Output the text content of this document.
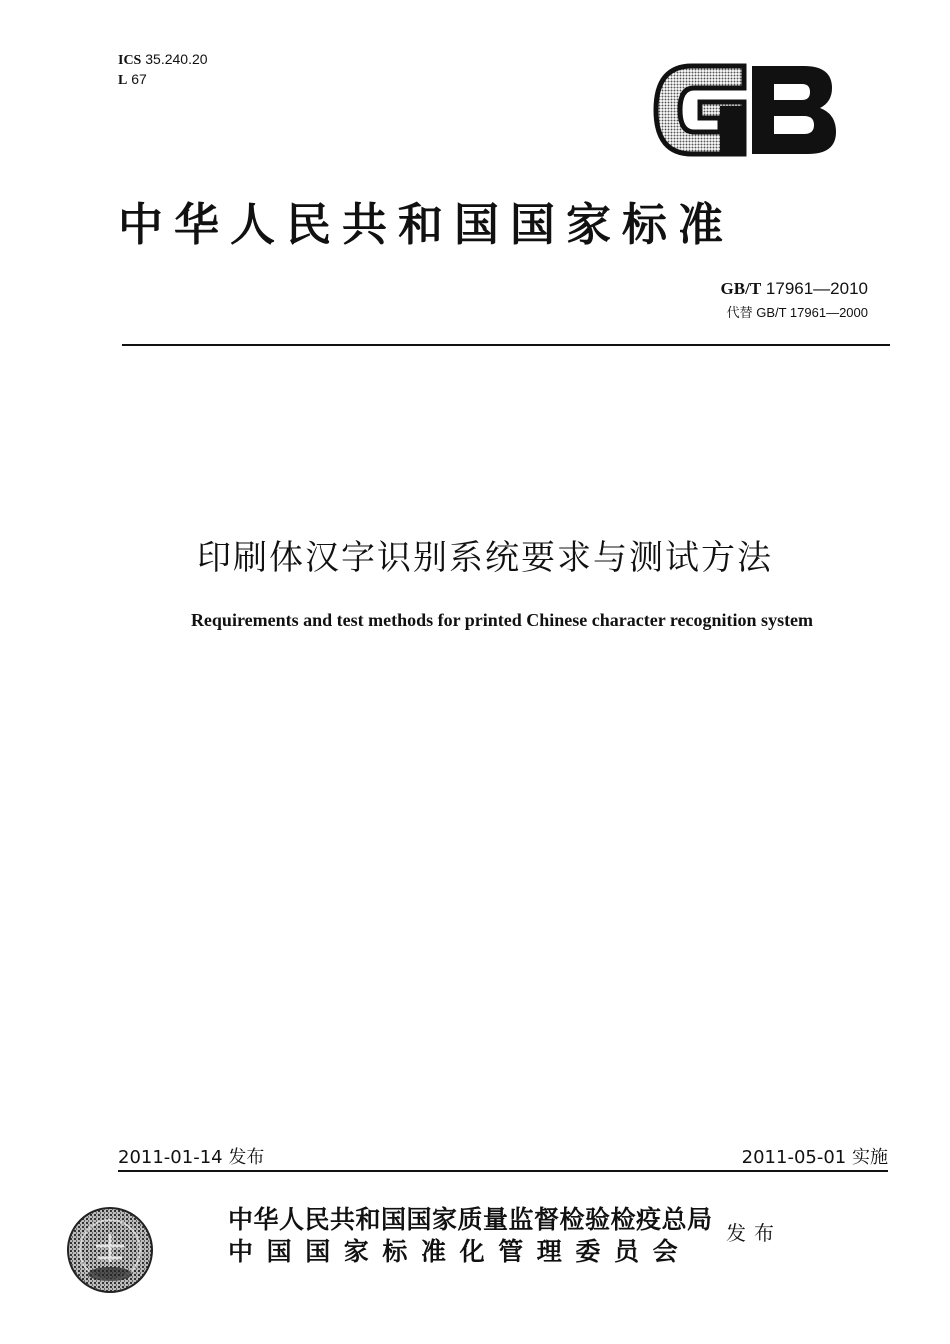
ICS 35.240.20
L 67
中华人民共和国国家标准
GB/T 17961—2010
代替 GB/T 17961—2000
印刷体汉字识别系统要求与测试方法
Requirements and test methods for printed Chinese character recognition system
2011-01-14 发布	2011-05-01 实施
中华人民共和国国家质量监督检验检疫总局
中国国家标准化管理委员会
发布
